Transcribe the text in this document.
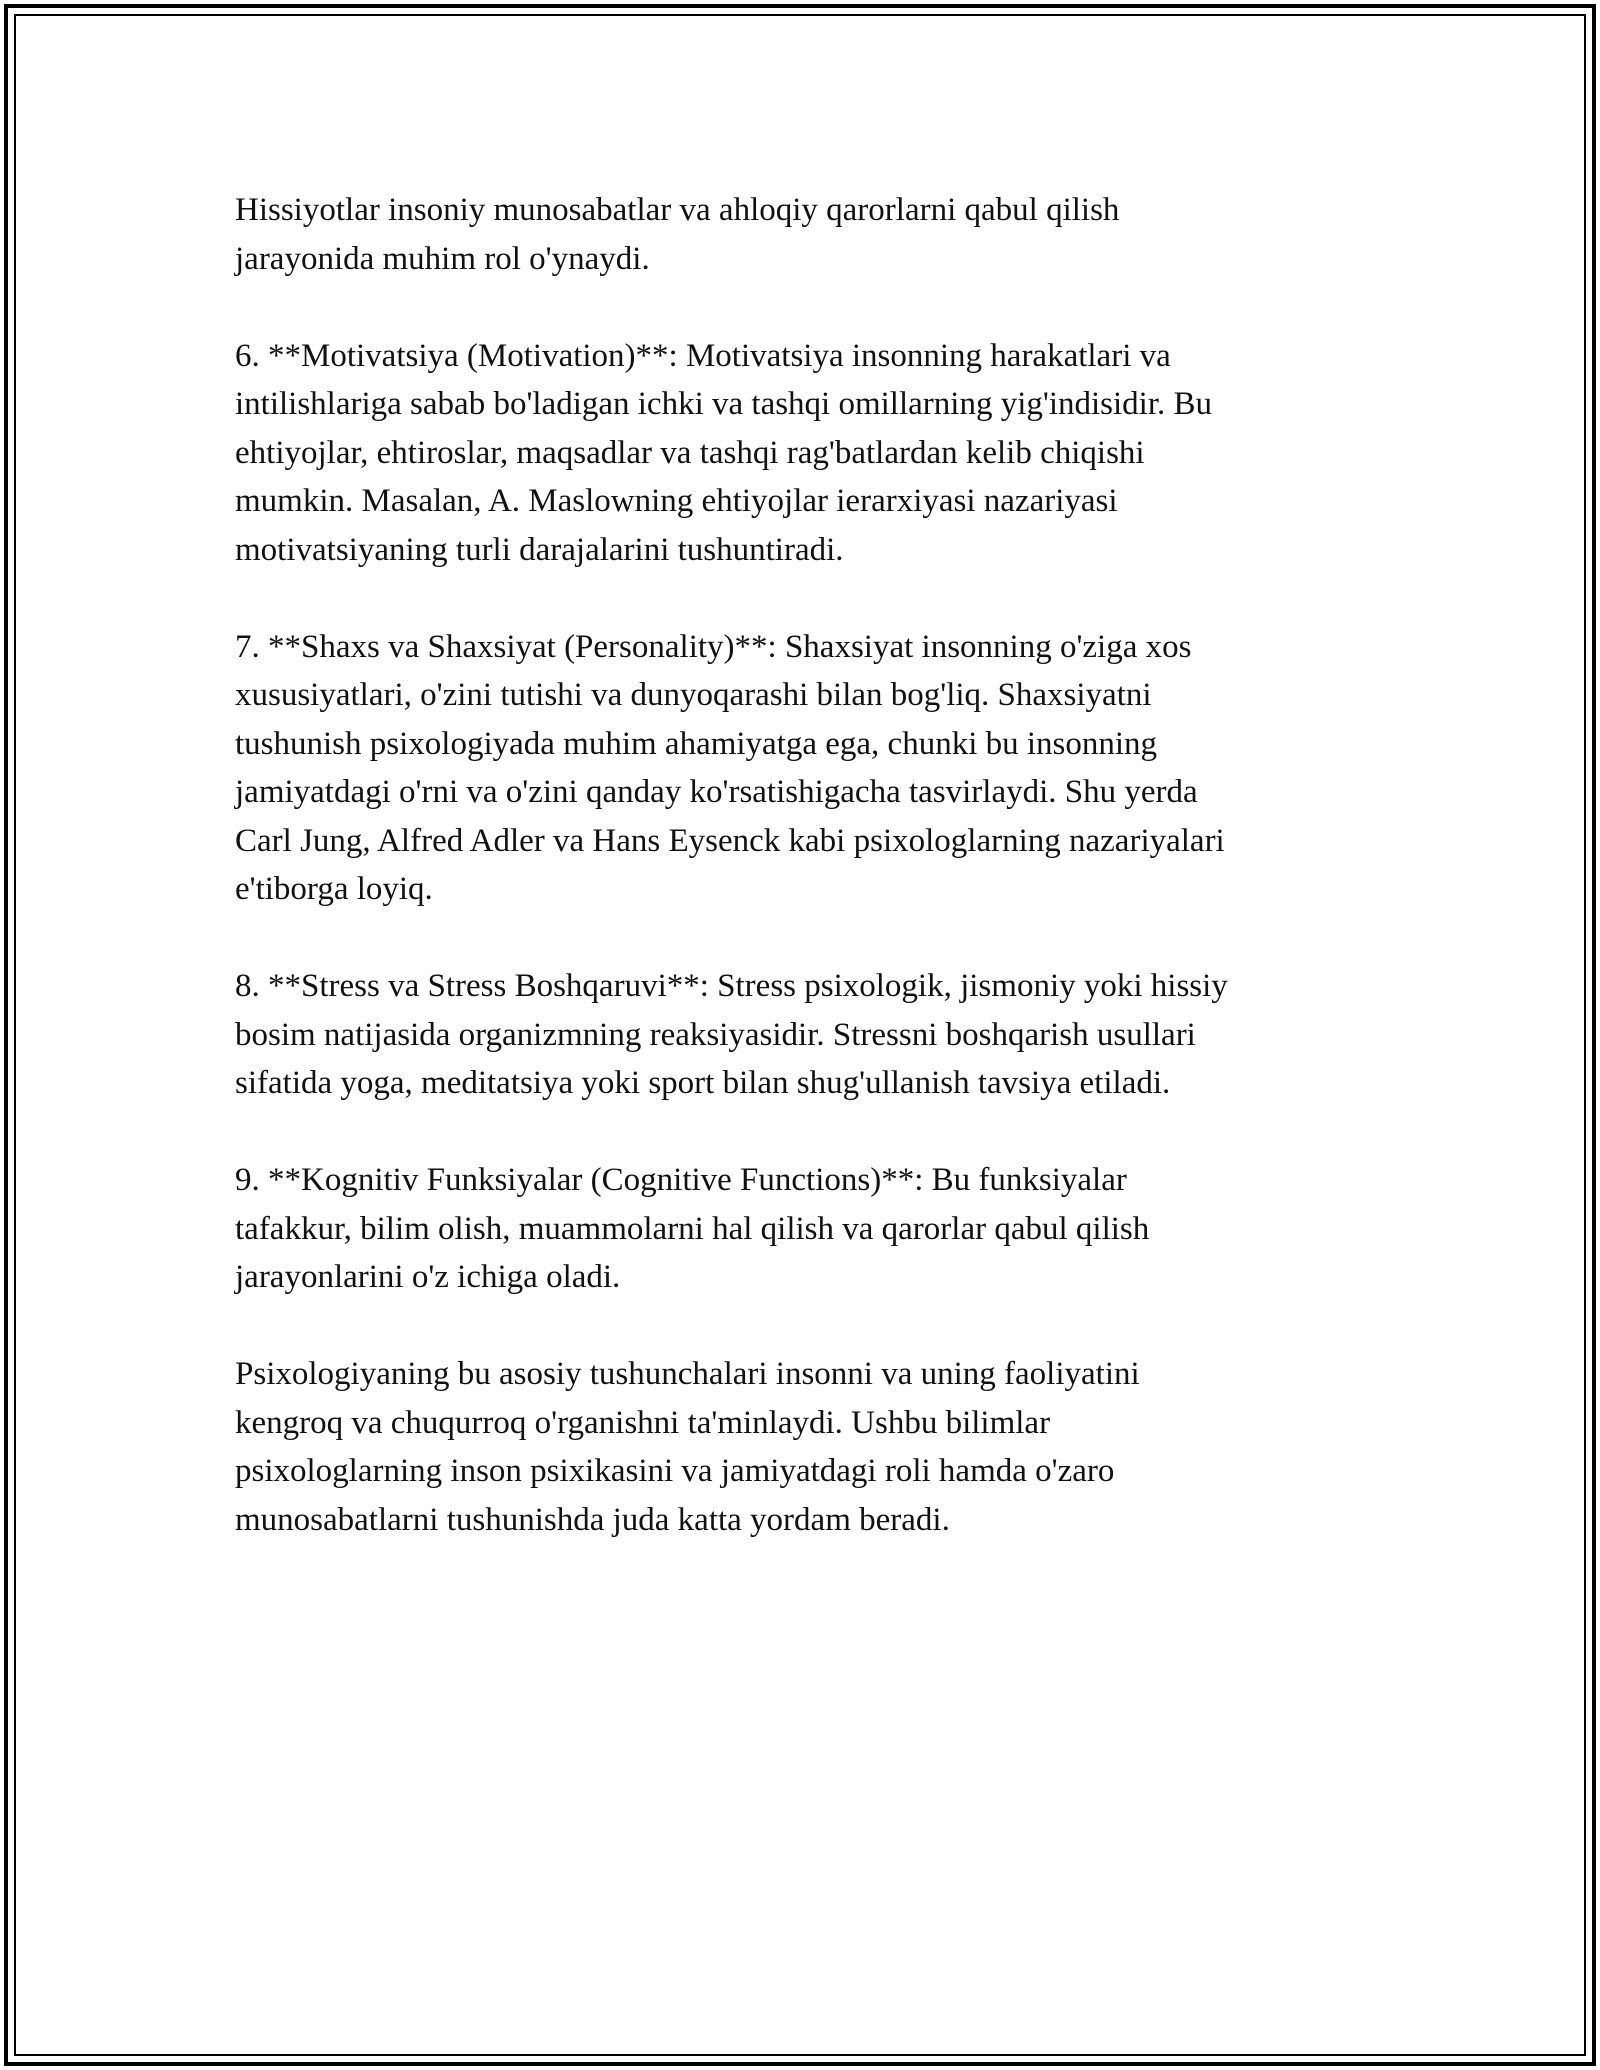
Hissiyotlar insoniy munosabatlar va ahloqiy qarorlarni qabul qilish
jarayonida muhim rol o'ynaydi.

6. **Motivatsiya (Motivation)**: Motivatsiya insonning harakatlari va
intilishlariga sabab bo'ladigan ichki va tashqi omillarning yig'indisidir. Bu
ehtiyojlar, ehtiroslar, maqsadlar va tashqi rag'batlardan kelib chiqishi
mumkin. Masalan, A. Maslowning ehtiyojlar ierarxiyasi nazariyasi
motivatsiyaning turli darajalarini tushuntiradi.

7. **Shaxs va Shaxsiyat (Personality)**: Shaxsiyat insonning o'ziga xos
xususiyatlari, o'zini tutishi va dunyoqarashi bilan bog'liq. Shaxsiyatni
tushunish psixologiyada muhim ahamiyatga ega, chunki bu insonning
jamiyatdagi o'rni va o'zini qanday ko'rsatishigacha tasvirlaydi. Shu yerda
Carl Jung, Alfred Adler va Hans Eysenck kabi psixologlarning nazariyalari
e'tiborga loyiq.

8. **Stress va Stress Boshqaruvi**: Stress psixologik, jismoniy yoki hissiy
bosim natijasida organizmning reaksiyasidir. Stressni boshqarish usullari
sifatida yoga, meditatsiya yoki sport bilan shug'ullanish tavsiya etiladi.

9. **Kognitiv Funksiyalar (Cognitive Functions)**: Bu funksiyalar
tafakkur, bilim olish, muammolarni hal qilish va qarorlar qabul qilish
jarayonlarini o'z ichiga oladi.

Psixologiyaning bu asosiy tushunchalari insonni va uning faoliyatini
kengroq va chuqurroq o'rganishni ta'minlaydi. Ushbu bilimlar
psixologlarning inson psixikasini va jamiyatdagi roli hamda o'zaro
munosabatlarni tushunishda juda katta yordam beradi.
